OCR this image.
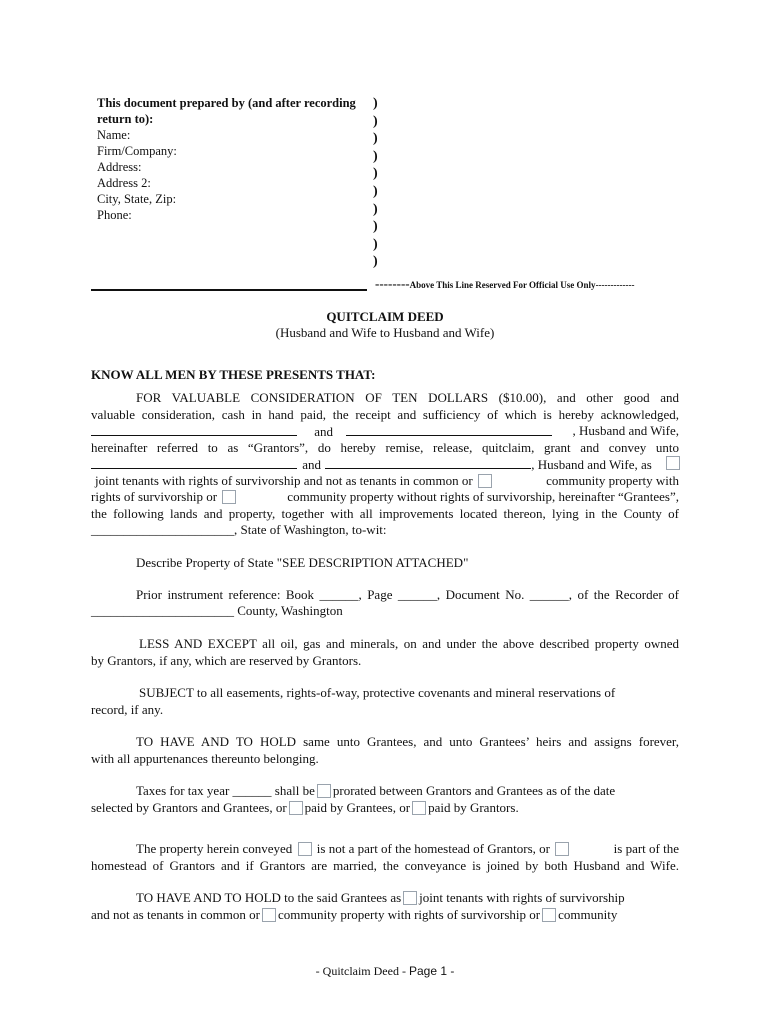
This document prepared by (and after recording
return to):
Name:
Firm/Company:
Address:
Address 2:
City, State, Zip:
Phone:
)
)
)
)
)
)
)
)
)
)
--------Above This Line Reserved For Official Use Only-------------
QUITCLAIM DEED
(Husband and Wife to Husband and Wife)
KNOW ALL MEN BY THESE PRESENTS THAT:
FOR VALUABLE CONSIDERATION OF TEN DOLLARS ($10.00), and other good and
valuable consideration, cash in hand paid, the receipt and sufficiency of which is hereby acknowledged,
and	, Husband and Wife,
hereinafter referred to as “Grantors”, do hereby remise, release, quitclaim, grant and convey unto
and	, Husband and Wife, as
joint tenants with rights of survivorship and not as tenants in common or	community property with
rights of survivorship or	community property without rights of survivorship, hereinafter “Grantees”,
the following lands and property, together with all improvements located thereon, lying in the County of
______________________, State of Washington, to-wit:
Describe Property of State "SEE DESCRIPTION ATTACHED"
Prior instrument reference: Book ______, Page ______, Document No. ______, of the Recorder of
______________________ County, Washington
LESS AND EXCEPT all oil, gas and minerals, on and under the above described property owned
by Grantors, if any, which are reserved by Grantors.
SUBJECT to all easements, rights-of-way, protective covenants and mineral reservations of
record, if any.
TO HAVE AND TO HOLD same unto Grantees, and unto Grantees’ heirs and assigns forever,
with all appurtenances thereunto belonging.
Taxes for tax year ______ shall be prorated between Grantors and Grantees as of the date
selected by Grantors and Grantees, or paid by Grantees, or paid by Grantors.
The property herein conveyed is not a part of the homestead of Grantors, or	is part of the
homestead of Grantors and if Grantors are married, the conveyance is joined by both Husband and Wife.
TO HAVE AND TO HOLD to the said Grantees as joint tenants with rights of survivorship
and not as tenants in common or community property with rights of survivorship or community
- Quitclaim Deed - Page 1 -
